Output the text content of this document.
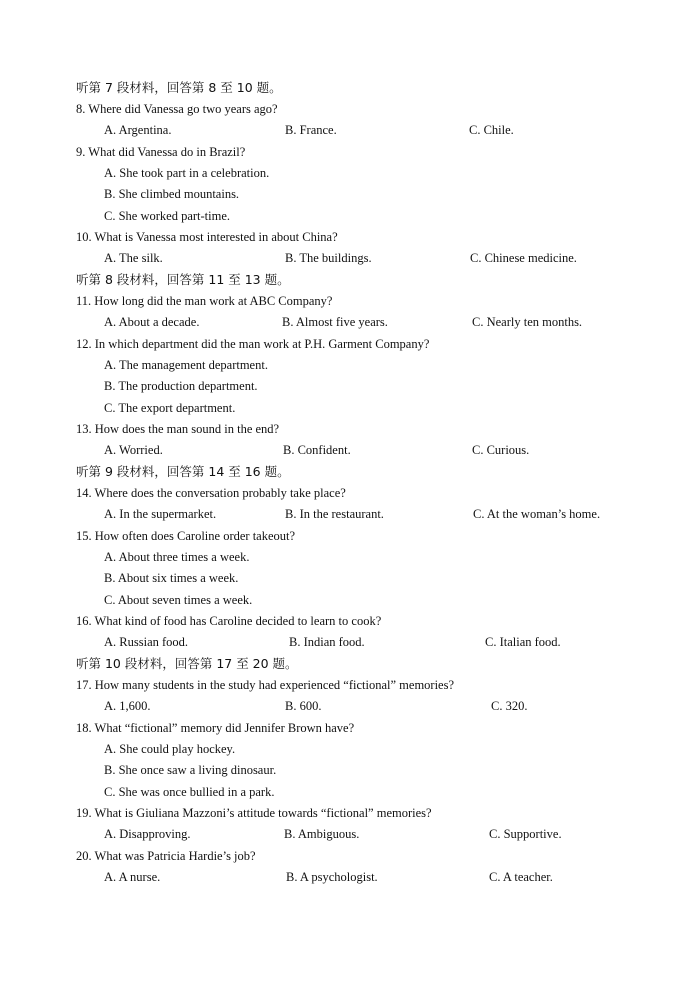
听第 7 段材料，回答第 8 至 10 题。
8. Where did Vanessa go two years ago?
A. Argentina.	B. France.	C. Chile.
9. What did Vanessa do in Brazil?
A. She took part in a celebration.
B. She climbed mountains.
C. She worked part-time.
10. What is Vanessa most interested in about China?
A. The silk.	B. The buildings.	C. Chinese medicine.
听第 8 段材料，回答第 11 至 13 题。
11. How long did the man work at ABC Company?
A. About a decade.	B. Almost five years.	C. Nearly ten months.
12. In which department did the man work at P.H. Garment Company?
A. The management department.
B. The production department.
C. The export department.
13. How does the man sound in the end?
A. Worried.	B. Confident.	C. Curious.
听第 9 段材料，回答第 14 至 16 题。
14. Where does the conversation probably take place?
A. In the supermarket.	B. In the restaurant.	C. At the woman’s home.
15. How often does Caroline order takeout?
A. About three times a week.
B. About six times a week.
C. About seven times a week.
16. What kind of food has Caroline decided to learn to cook?
A. Russian food.	B. Indian food.	C. Italian food.
听第 10 段材料，回答第 17 至 20 题。
17. How many students in the study had experienced “fictional” memories?
A. 1,600.	B. 600.	C. 320.
18. What “fictional” memory did Jennifer Brown have?
A. She could play hockey.
B. She once saw a living dinosaur.
C. She was once bullied in a park.
19. What is Giuliana Mazzoni’s attitude towards “fictional” memories?
A. Disapproving.	B. Ambiguous.	C. Supportive.
20. What was Patricia Hardie’s job?
A. A nurse.	B. A psychologist.	C. A teacher.
